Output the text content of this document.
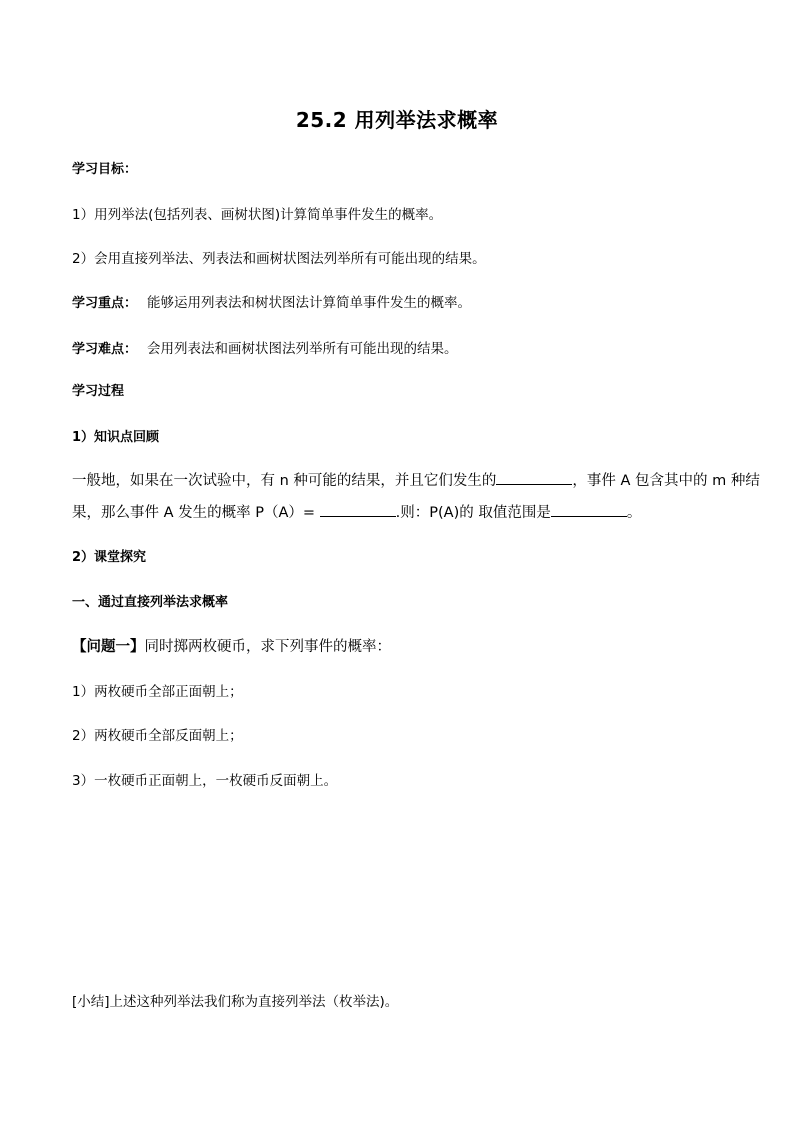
25.2 用列举法求概率
学习目标：
1）用列举法(包括列表、画树状图)计算简单事件发生的概率。
2）会用直接列举法、列表法和画树状图法列举所有可能出现的结果。
学习重点： 能够运用列表法和树状图法计算简单事件发生的概率。
学习难点： 会用列表法和画树状图法列举所有可能出现的结果。
学习过程
1）知识点回顾
一般地，如果在一次试验中，有 n 种可能的结果，并且它们发生的	，事件 A 包含其中的 m 种结
果，那么事件 A 发生的概率 P（A）=	.则：P(A)的 取值范围是	。
2）课堂探究
一、通过直接列举法求概率
【问题一】同时掷两枚硬币，求下列事件的概率：
1）两枚硬币全部正面朝上；
2）两枚硬币全部反面朝上；
3）一枚硬币正面朝上，一枚硬币反面朝上。
[小结]上述这种列举法我们称为直接列举法（枚举法)。
